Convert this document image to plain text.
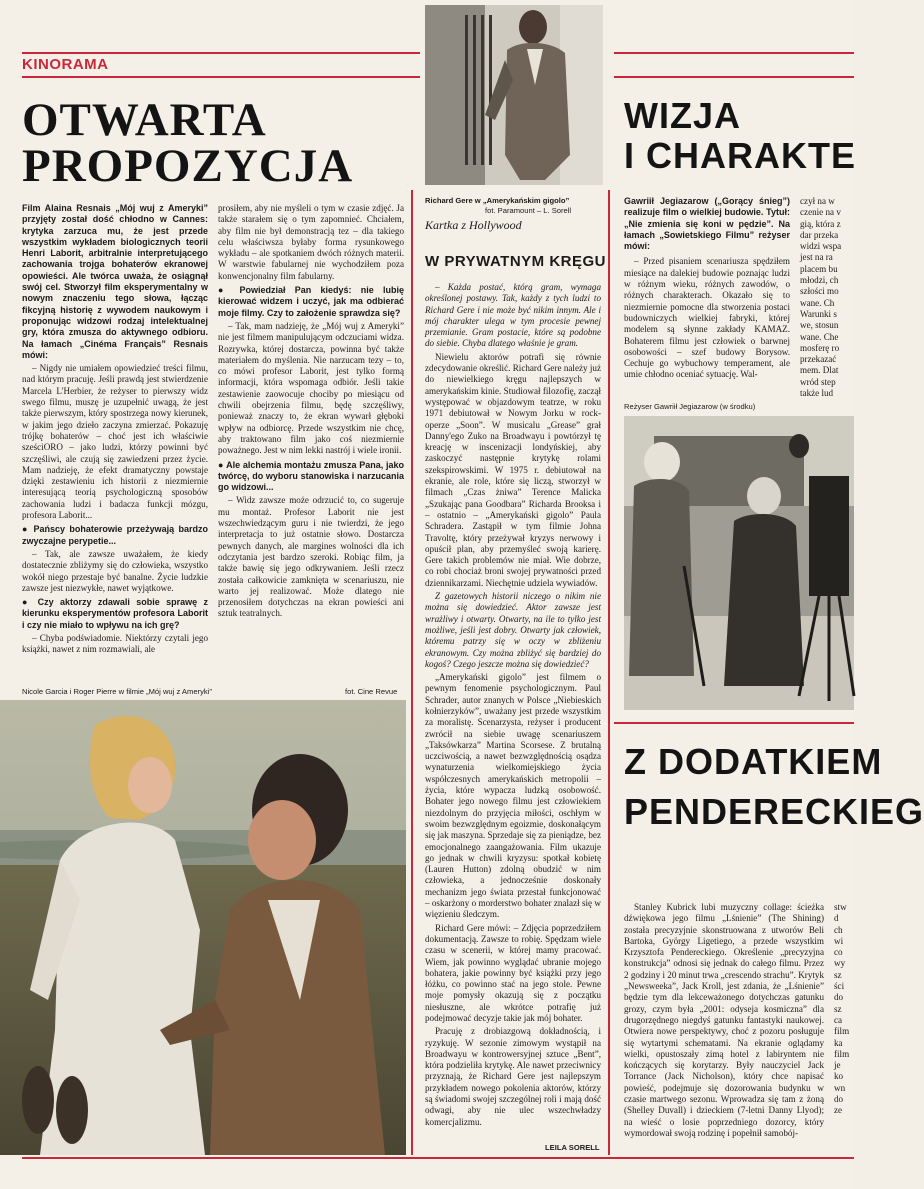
KINORAMA
OTWARTA
PROPOZYCJA

Film Alaina Resnais „Mój wuj z Ameryki” przyjęty został dość chłodno w Cannes: krytyka zarzuca mu, że jest przede wszystkim wykładem biologicznych teorii Henri Laborit, arbitralnie interpretującego zachowania trojga bohaterów ekranowej opowieści. Ale twórca uważa, że osiągnął swój cel. Stworzył film eksperymentalny w nowym znaczeniu tego słowa, łącząc fikcyjną historię z wywodem naukowym i proponując widzowi rodzaj intelektualnej gry, która zmusza do aktywnego odbioru. Na łamach „Cinéma Français” Resnais mówi:

– Nigdy nie umiałem opowiedzieć treści filmu, nad którym pracuję. Jeśli prawdą jest stwierdzenie Marcela L'Herbier, że reżyser to pierwszy widz swego filmu, muszę je uzupełnić uwagą, że jest także pierwszym, który spostrzega nowy kierunek, w jakim jego dzieło zaczyna zmierzać. Pokazuję trójkę bohaterów – choć jest ich właściwie sześciORO – jako ludzi, którzy powinni być szczęśliwi, ale czują się zawiedzeni przez życie. Mam nadzieję, że efekt dramatyczny powstaje dzięki zestawieniu ich historii z niezmiernie interesującą teorią psychologiczną sposobów zachowania ludzi i badaczа funkcji mózgu, profesora Laborit...

● Pańscy bohaterowie przeżywają bardzo zwyczajne perypetie...

– Tak, ale zawsze uważałem, że kiedy dostatecznie zbliżymy się do człowieka, wszystko wokół niego przestaje być banalne. Życie ludzkie zawsze jest niezwykłe, nawet wyjątkowe.

● Czy aktorzy zdawali sobie sprawę z kierunku eksperymentów profesora Laborit i czy nie miało to wpływu na ich grę?

– Chyba podświadomie. Niektórzy czytali jego książki, nawet z nim rozmawiali, ale

prosiłem, aby nie myśleli o tym w czasie zdjęć. Ja także starałem się o tym zapomnieć. Chciałem, aby film nie był demonstracją tez – dla takiego celu właściwsza byłaby forma rysunkowego wykładu – ale spotkaniem dwóch różnych materii. W warstwie fabularnej nie wychodziłem poza konwencjonalny film fabularny.

● Powiedział Pan kiedyś: nie lubię kierować widzem i uczyć, jak ma odbierać moje filmy. Czy to założenie sprawdza się?

– Tak, mam nadzieję, że „Mój wuj z Ameryki” nie jest filmem manipulującym odczuciami widza. Rozrywka, której dostarcza, powinna być także materiałem do myślenia. Nie narzucam tezy – to, co mówi profesor Laborit, jest tylko formą informacji, która wspomaga odbiór. Jeśli takie zestawienie zaowocuje chociby po miesiącu od chwili obejrzenia filmu, będę szczęśliwy, ponieważ znaczy to, że ekran wywarł głęboki wpływ na odbiorcę. Przede wszystkim nie chcę, aby traktowano film jako coś niezmiernie poważnego. Jest w nim lekki nastrój i wiele ironii.

● Ale alchemia montażu zmusza Pana, jako twórcę, do wyboru stanowiska i narzucania go widzowi...

– Widz zawsze może odrzucić to, co sugeruje mu montaż. Profesor Laborit nie jest wszechwiedzącym guru i nie twierdzi, że jego interpretacja to już ostatnie słowo. Dostarcza pewnych danych, ale margines wolności dla ich odczytania jest bardzo szeroki. Robiąc film, ja także bawię się jego odkrywaniem. Jeśli rzecz została całkowicie zamknięta w scenariuszu, nie warto jej realizować. Może dlatego nie przenosiłem dotychczas na ekran powieści ani sztuk teatralnych.

Nicole Garcia i Roger Pierre w filmie „Mój wuj z Ameryki”	fot. Cine Revue
Richard Gere w „Amerykańskim gigolo”
fot. Paramount – L. Sorell
Kartka z Hollywood
W PRYWATNYM KRĘGU

– Każda postać, którą gram, wymaga określonej postawy. Tak, każdy z tych ludzi to Richard Gere i nie może być nikim innym. Ale i mój charakter ulega w tym procesie pewnej przemianie. Gram postacie, które są podobne do siebie. Chyba dlatego właśnie je gram.

Niewielu aktorów potrafi się równie zdecydowanie określić. Richard Gere należy już do niewielkiego kręgu najlepszych w amerykańskim kinie. Studiował filozofię, zaczął występować w objazdowym teatrze, w roku 1971 debiutował w Nowym Jorku w rock-operze „Soon”. W musicalu „Grease” grał Danny'ego Zuko na Broadwayu i powtórzył tę kreację w inscenizacji londyńskiej, aby zaskoczyć następnie krytykę rolami szekspirowskimi. W 1975 r. debiutował na ekranie, ale role, które się liczą, stworzył w filmach „Czas żniwa” Terence Malicka „Szukając pana Goodbara” Richarda Brooksa i – ostatnio – „Amerykański gigolo” Paula Schradera. Zastąpił w tym filmie Johna Travoltę, który przeżywał kryzys nerwowy i opuścił plan, aby przemyśleć swoją karierę. Gere takich problemów nie miał. Wie dobrze, co robi chociaż broni swojej prywatności przed dziennikarzami. Niechętnie udziela wywiadów.

Z gazetowych historii niczego o nikim nie można się dowiedzieć. Aktor zawsze jest wrażliwy i otwarty. Otwarty, na ile to tylko jest możliwe, jeśli jest dobry. Otwarty jak człowiek, któremu patrzy się w oczy w zbliżeniu ekranowym. Czy można zbliżyć się bardziej do kogoś? Czego jeszcze można się dowiedzieć?

„Amerykański gigolo” jest filmem o pewnym fenomenie psychologicznym. Paul Schrader, autor znanych w Polsce „Niebieskich kołnierzyków”, uważany jest przede wszystkim za moralistę. Scenarzysta, reżyser i producent zwrócił na siebie uwagę scenariuszem „Taksówkarza” Martina Scorsese. Z brutalną uczciwością, a nawet bezwzględnością osądza wynaturzenia wielkomiejskiego życia współczesnych amerykańskich metropolii – życia, które wypacza ludzką osobowość. Bohater jego nowego filmu jest człowiekiem niezdolnym do przyjęcia miłości, oschłym w swoim bezwzględnym egoizmie, doskonałącym się jak maszyna. Sprzedaje się za pieniądze, bez emocjonalnego zaangażowania. Film ukazuje go jednak w chwili kryzysu: spotkał kobietę (Lauren Hutton) zdolną obudzić w nim człowieka, a jednocześnie doskonały mechanizm jego świata przestał funkcjonować – oskarżony o morderstwo bohater znalazł się w więzieniu śledczym.

Richard Gere mówi: – Zdjęcia poprzedziłem dokumentacją. Zawsze to robię. Spędzam wiele czasu w scenerii, w której mamy pracować. Wiem, jak powinno wyglądać ubranie mojego bohatera, jakie powinny być książki przy jego łóżku, co powinno stać na jego stole. Pewne moje pomysły okazują się z początku niesłuszne, ale wkrótce potrafię już podejmować decyzje takie jak mój bohater.

Pracuję z drobiazgową dokładnością, i ryzykuję. W sezonie zimowym wystąpił na Broadwayu w kontrowersyjnej sztuce „Bent”, która podzieliła krytykę. Ale nawet przeciwnicy przyznają, że Richard Gere jest najlepszym przykładem nowego pokolenia aktorów, którzy są świadomi swojej szczególnej roli i mają dość odwagi, aby nie ulec wszechwładzy komercjalizmu.

LEILA SORELL
WIZJA
I CHARAKTE

Gawriił Jegiazarow („Gorący śnieg”) realizuje film o wielkiej budowie. Tytuł: „Nie zmienia się koni w pędzie”. Na łamach „Sowietskiego Filmu” reżyser mówi:

– Przed pisaniem scenariusza spędziłem miesiące na dalekiej budowie poznając ludzi w różnym wieku, różnych zawodów, o różnych charakterach. Okazało się to niezmiernie pomocne dla stworzenia postaci budowniczych wielkiej fabryki, której modelem są słynne zakłady KAMAZ. Bohaterem filmu jest człowiek o barwnej osobowości – szef budowy Borysow. Cechuje go wybuchowy temperament, ale umie chłodno oceniać sytuację. Wal-

czył na w
czenie na v
gią, która z
dar przeka
widzi wspa
jest na ra
placem bu
młodzi, ch
szłości mo
wane. Ch
Warunki s
we, stosun
wane. Che
mosferę ro
przekazać
mem. Dlat
wród step
także lud
Reżyser Gawriił Jegiazarow (w środku)
Z DODATKIEM
PENDERECKIEG

Stanley Kubrick lubi muzyczny collage: ścieżka dźwiękowa jego filmu „Lśnienie” (The Shining) została precyzyjnie skonstruowana z utworów Beli Bartoka, György Ligetiego, a przede wszystkim Krzysztofa Pendereckiego. Określenie „precyzyjna konstrukcja” odnosi się jednak do całego filmu. Przez 2 godziny i 20 minut trwa „crescendo strachu”. Krytyk „Newsweeka”, Jack Kroll, jest zdania, że „Lśnienie” będzie tym dla lekceważonego dotychczas gatunku grozy, czym była „2001: odyseja kosmiczna” dla drugorzędnego niegdyś gatunku fantastyki naukowej. Otwiera nowe perspektywy, choć z pozoru posługuje się wytartymi schematami. Na ekranie oglądamy wielki, opustoszały zimą hotel z labiryntem nie kończących się korytarzy. Były nauczyciel Jack Torrance (Jack Nicholson), który chce napisać powieść, podejmuje się dozorowania budynku w czasie martwego sezonu. Wprowadza się tam z żoną (Shelley Duvall) i dzieckiem (7-letni Danny Llyod); na wieść o losie poprzedniego dozorcy, który wymordował swoją rodzinę i popełnił samobój-

stw
d
ch
wi
co
wy
sz
ści
do
sz
ca
film
ka
film
je
ko
wn
do
ze
